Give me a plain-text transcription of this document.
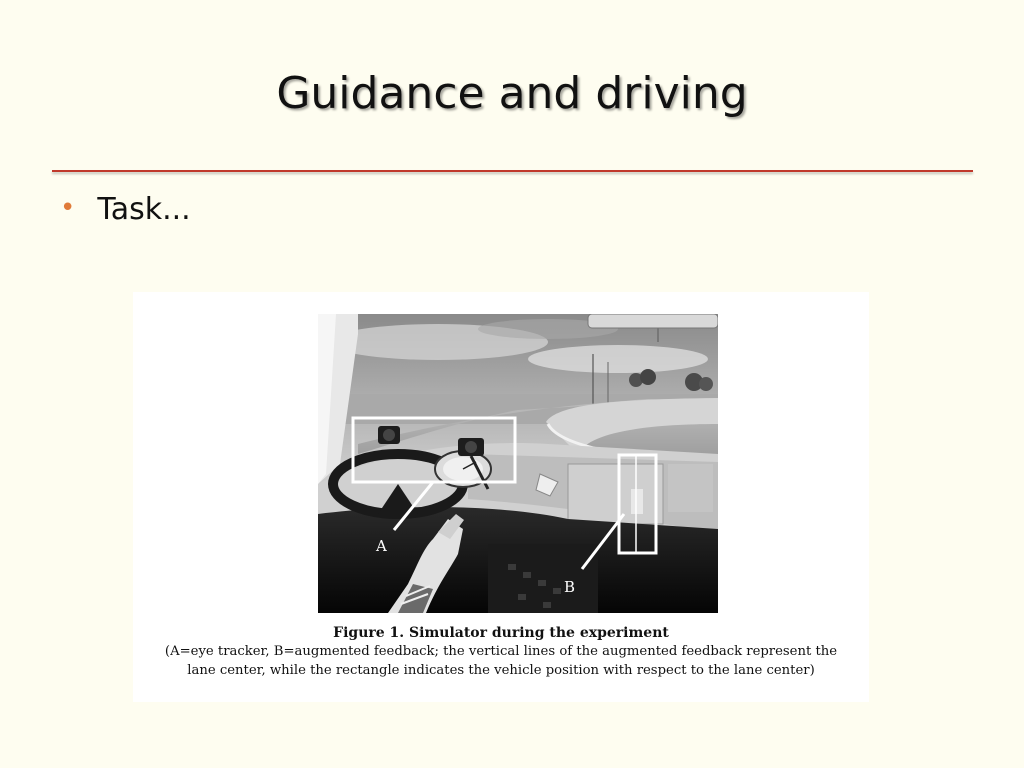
Guidance and driving
• Task...
A
B
Figure 1. Simulator during the experiment
(A=eye tracker, B=augmented feedback; the vertical lines of the augmented feedback represent the
lane center, while the rectangle indicates the vehicle position with respect to the lane center)
